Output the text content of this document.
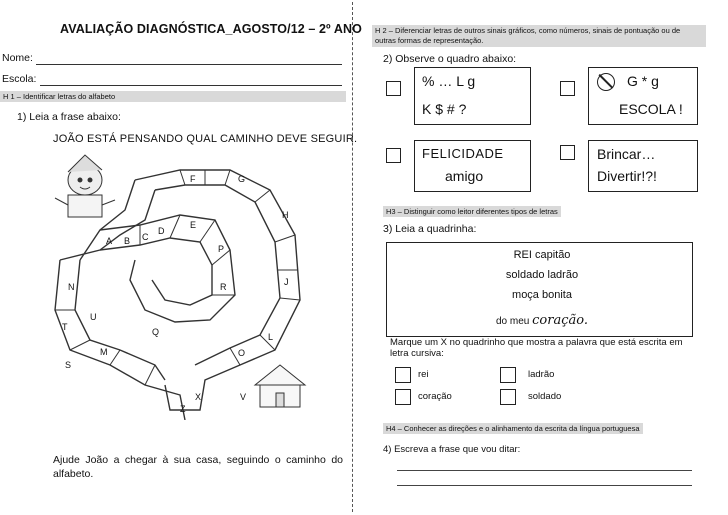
AVALIAÇÃO DIAGNÓSTICA_AGOSTO/12 – 2º ANO
Nome:
Escola:
H 1 – Identificar letras do alfabeto
1) Leia a frase abaixo:
JOÃO ESTÁ PENSANDO QUAL CAMINHO DEVE SEGUIR.
A B C
D
E
F	G
H
J
L
O
P
R
S
T
U
V
X
Z
N
M
Q
Ajude João a chegar à sua casa, seguindo o caminho do alfabeto.
H 2 – Diferenciar letras de outros sinais gráficos, como números, sinais de pontuação ou de outras formas de representação.
2) Observe o quadro abaixo:
% … L g
K $ # ?
G * g
ESCOLA !
FELICIDADE
amigo
Brincar…
Divertir!?!
H3 – Distinguir como leitor diferentes tipos de letras
3) Leia a quadrinha:
REI capitão
soldado ladrão
moça bonita
do meu coração.
Marque um X no quadrinho que mostra a palavra que está escrita em letra cursiva:
rei	ladrão
coração	soldado
H4 – Conhecer as direções e o alinhamento da escrita da língua portuguesa
4) Escreva a frase que vou ditar:
